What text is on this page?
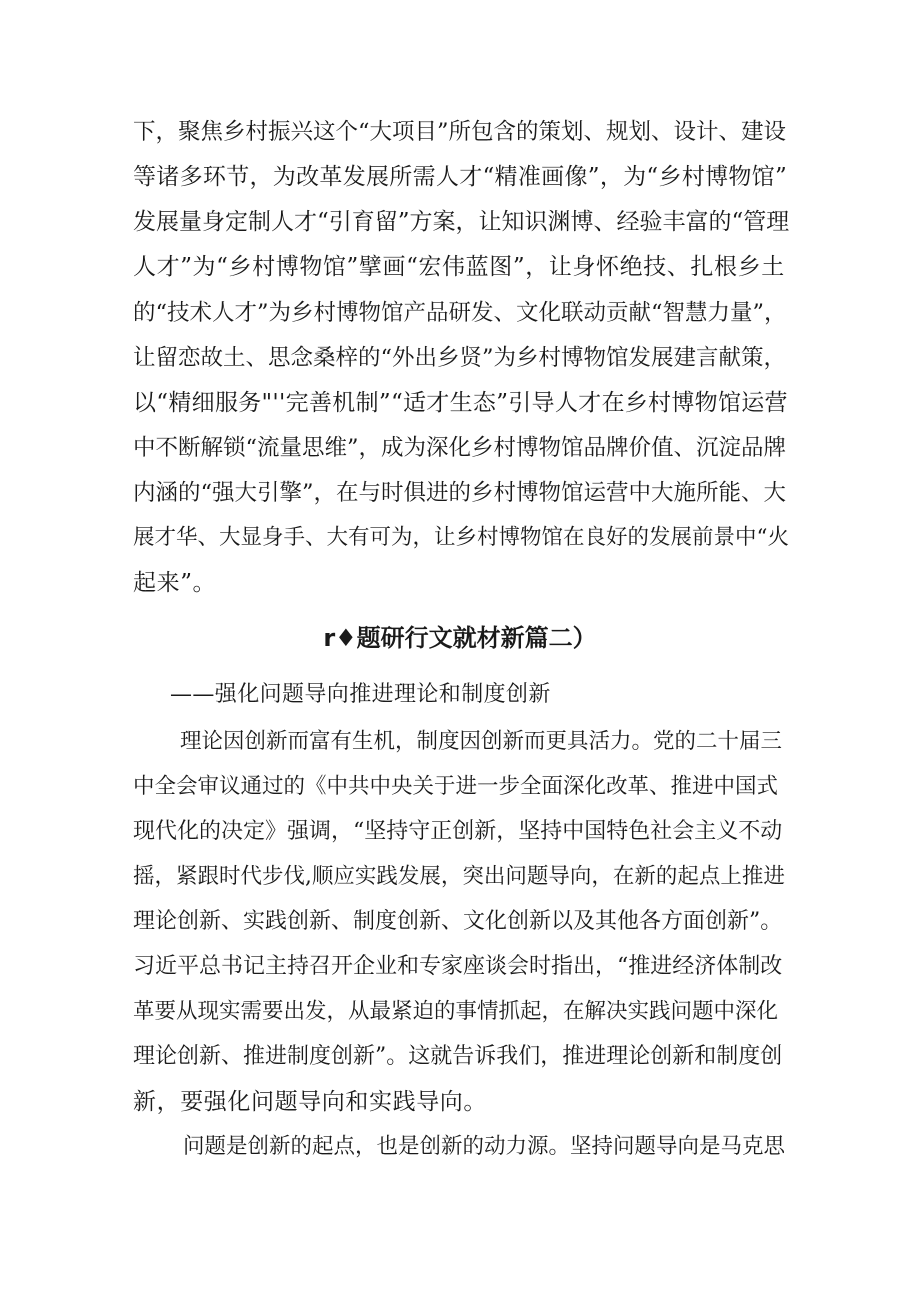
下，聚焦乡村振兴这个“大项目”所包含的策划、规划、设计、建设
等诸多环节，为改革发展所需人才“精准画像”，为“乡村博物馆”
发展量身定制人才“引育留”方案，让知识渊博、经验丰富的“管理
人才”为“乡村博物馆”擘画“宏伟蓝图”，让身怀绝技、扎根乡土
的“技术人才”为乡村博物馆产品研发、文化联动贡献“智慧力量”，
让留恋故土、思念桑梓的“外出乡贤”为乡村博物馆发展建言献策，
以“精细服务"''完善机制”“适才生态”引导人才在乡村博物馆运营
中不断解锁“流量思维”，成为深化乡村博物馆品牌价值、沉淀品牌
内涵的“强大引擎”，在与时俱进的乡村博物馆运营中大施所能、大
展才华、大显身手、大有可为，让乡村博物馆在良好的发展前景中“火
起来”。
r♦题研行文就材新篇二）
——强化问题导向推进理论和制度创新
理论因创新而富有生机，制度因创新而更具活力。党的二十届三
中全会审议通过的《中共中央关于进一步全面深化改革、推进中国式
现代化的决定》强调，“坚持守正创新，坚持中国特色社会主义不动
摇，紧跟时代步伐,顺应实践发展，突出问题导向，在新的起点上推进
理论创新、实践创新、制度创新、文化创新以及其他各方面创新”。
习近平总书记主持召开企业和专家座谈会时指出，“推进经济体制改
革要从现实需要出发，从最紧迫的事情抓起，在解决实践问题中深化
理论创新、推进制度创新”。这就告诉我们，推进理论创新和制度创
新，要强化问题导向和实践导向。
问题是创新的起点，也是创新的动力源。坚持问题导向是马克思
